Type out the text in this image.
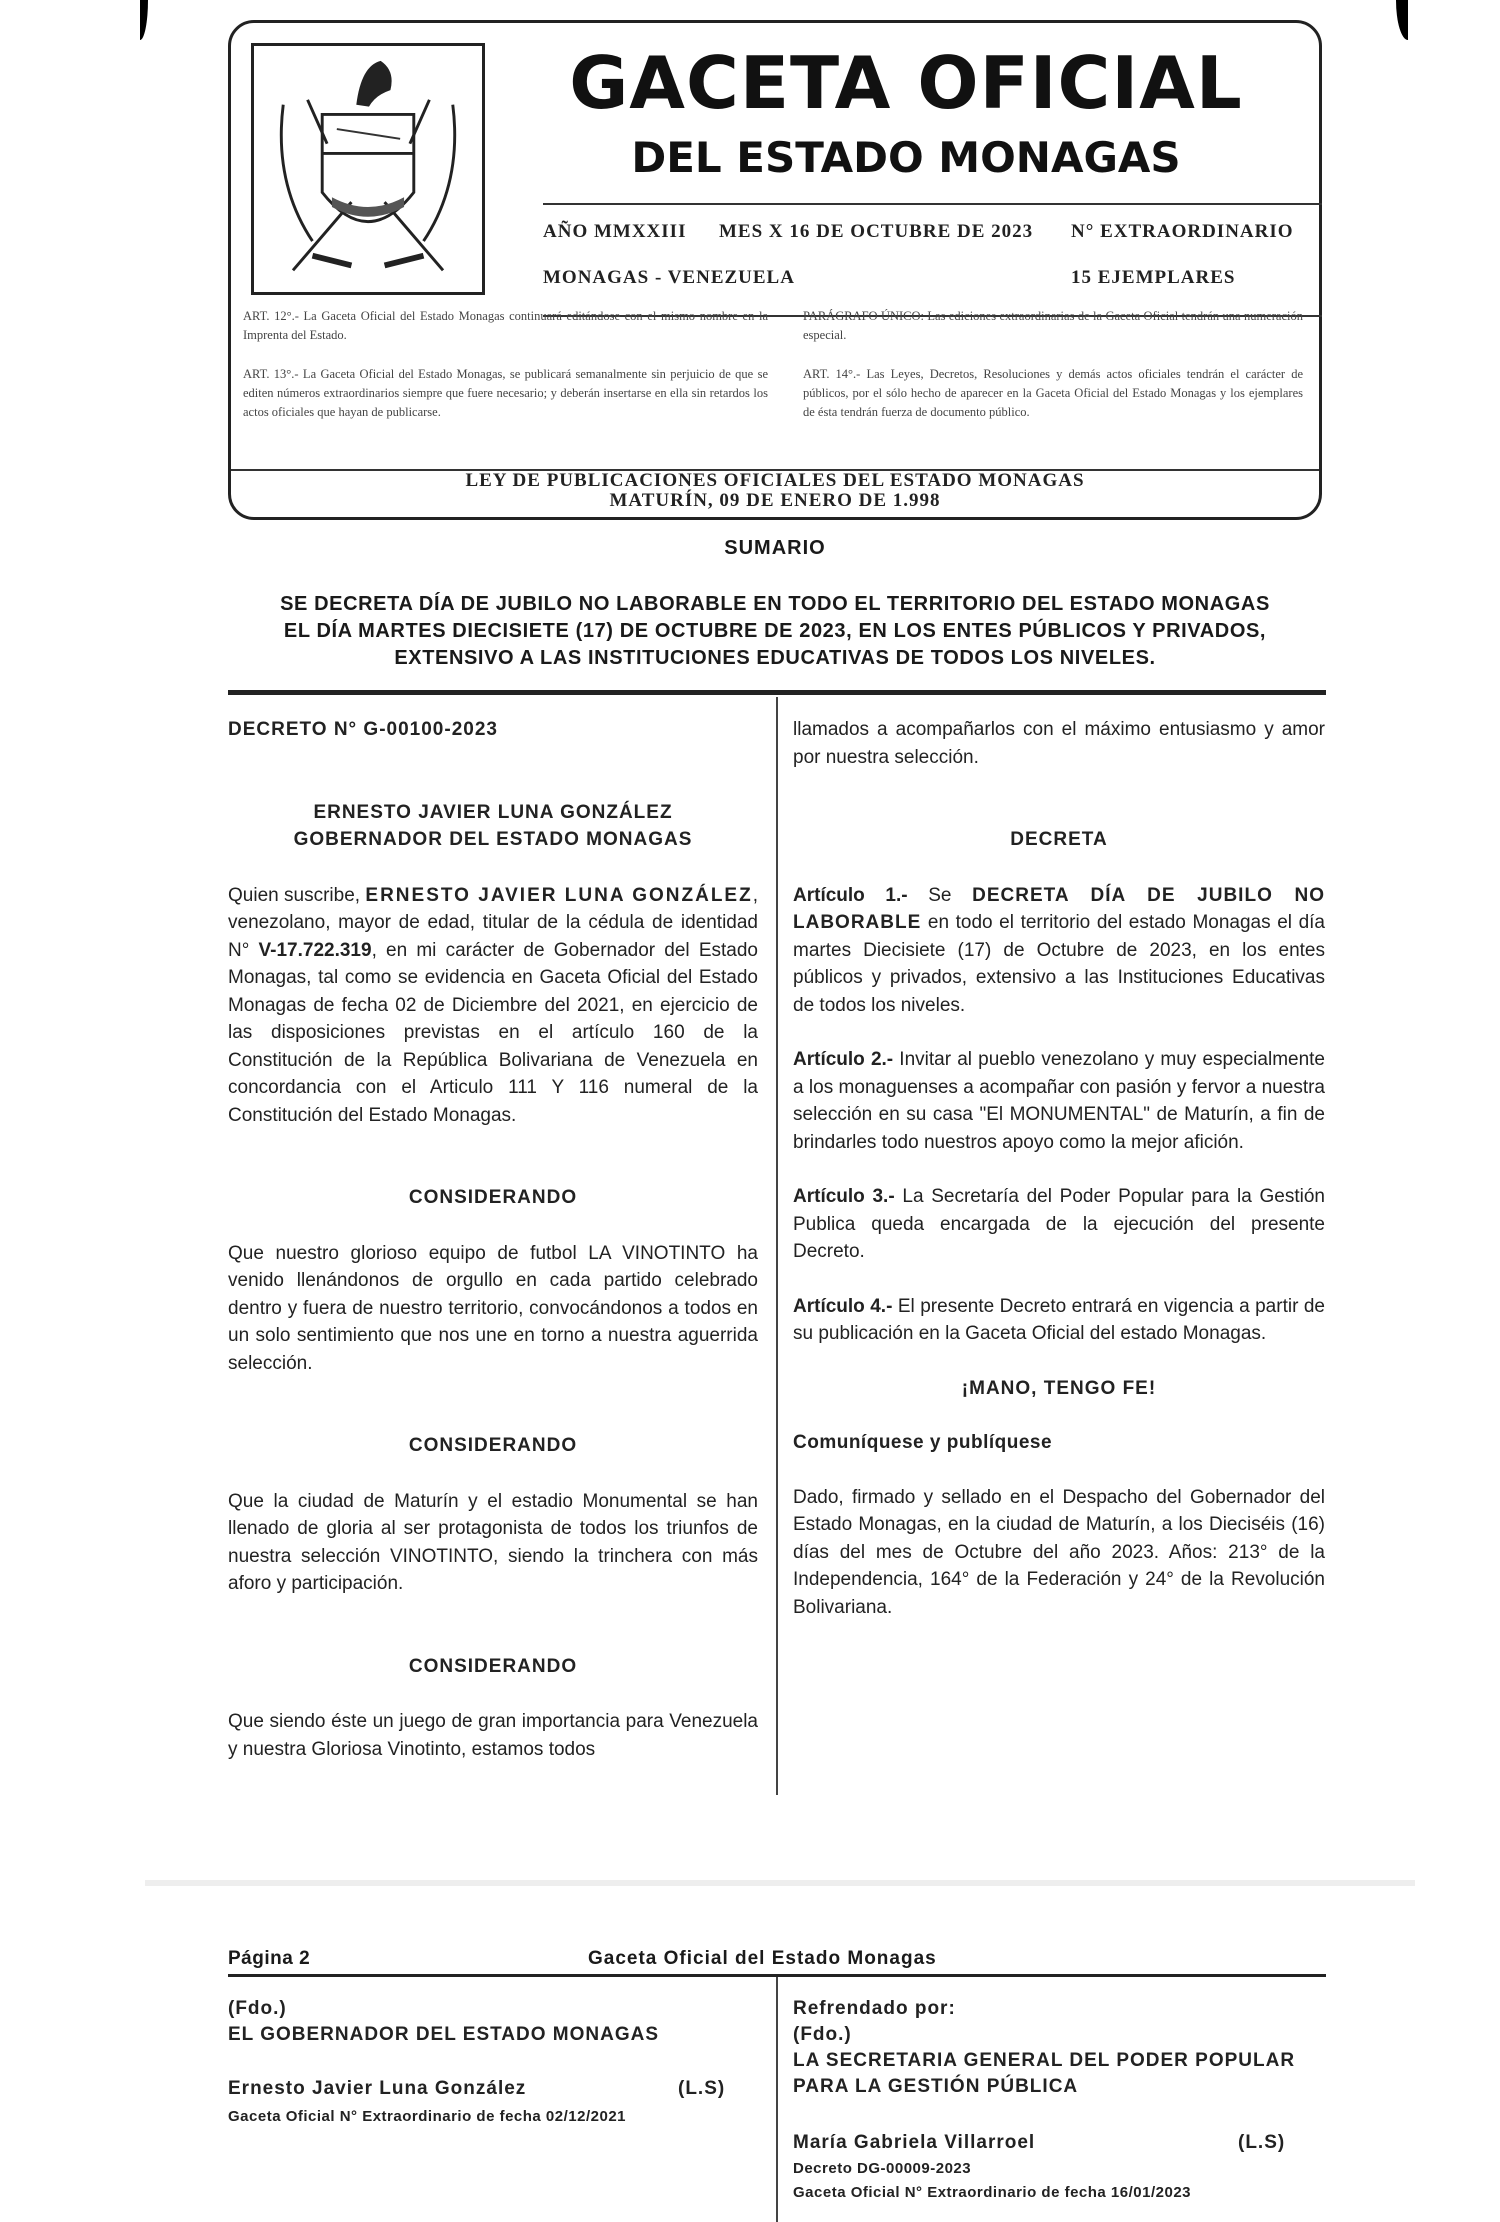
GACETA OFICIAL
DEL ESTADO MONAGAS
AÑO MMXXIII MES X 16 DE OCTUBRE DE 2023 N° EXTRAORDINARIO
MONAGAS - VENEZUELA	15 EJEMPLARES
ART. 12°.- La Gaceta Oficial del Estado Monagas continuará editándose con el mismo nombre en la Imprenta del Estado.
ART. 13°.- La Gaceta Oficial del Estado Monagas, se publicará semanalmente sin perjuicio de que se editen números extraordinarios siempre que fuere necesario; y deberán insertarse en ella sin retardos los actos oficiales que hayan de publicarse.
PARÁGRAFO ÚNICO: Las ediciones extraordinarias de la Gaceta Oficial tendrán una numeración especial.
ART. 14°.- Las Leyes, Decretos, Resoluciones y demás actos oficiales tendrán el carácter de públicos, por el sólo hecho de aparecer en la Gaceta Oficial del Estado Monagas y los ejemplares de ésta tendrán fuerza de documento público.
LEY DE PUBLICACIONES OFICIALES DEL ESTADO MONAGAS
MATURÍN, 09 DE ENERO DE 1.998
SUMARIO
SE DECRETA DÍA DE JUBILO NO LABORABLE EN TODO EL TERRITORIO DEL ESTADO MONAGAS
EL DÍA MARTES DIECISIETE (17) DE OCTUBRE DE 2023, EN LOS ENTES PÚBLICOS Y PRIVADOS,
EXTENSIVO A LAS INSTITUCIONES EDUCATIVAS DE TODOS LOS NIVELES.

DECRETO N° G-00100-2023

ERNESTO JAVIER LUNA GONZÁLEZ

GOBERNADOR DEL ESTADO MONAGAS

Quien suscribe, ERNESTO JAVIER LUNA GONZÁLEZ, venezolano, mayor de edad, titular de la cédula de identidad N° V-17.722.319, en mi carácter de Gobernador del Estado Monagas, tal como se evidencia en Gaceta Oficial del Estado Monagas de fecha 02 de Diciembre del 2021, en ejercicio de las disposiciones previstas en el artículo 160 de la Constitución de la República Bolivariana de Venezuela en concordancia con el Articulo 111 Y 116 numeral de la Constitución del Estado Monagas.

CONSIDERANDO

Que nuestro glorioso equipo de futbol LA VINOTINTO ha venido llenándonos de orgullo en cada partido celebrado dentro y fuera de nuestro territorio, convocándonos a todos en un solo sentimiento que nos une en torno a nuestra aguerrida selección.

CONSIDERANDO

Que la ciudad de Maturín y el estadio Monumental se han llenado de gloria al ser protagonista de todos los triunfos de nuestra selección VINOTINTO, siendo la trinchera con más aforo y participación.

CONSIDERANDO

Que siendo éste un juego de gran importancia para Venezuela y nuestra Gloriosa Vinotinto, estamos todos

llamados a acompañarlos con el máximo entusiasmo y amor por nuestra selección.

DECRETA

Artículo 1.- Se DECRETA DÍA DE JUBILO NO LABORABLE en todo el territorio del estado Monagas el día martes Diecisiete (17) de Octubre de 2023, en los entes públicos y privados, extensivo a las Instituciones Educativas de todos los niveles.

Artículo 2.- Invitar al pueblo venezolano y muy especialmente a los monaguenses a acompañar con pasión y fervor a nuestra selección en su casa "El MONUMENTAL" de Maturín, a fin de brindarles todo nuestros apoyo como la mejor afición.

Artículo 3.- La Secretaría del Poder Popular para la Gestión Publica queda encargada de la ejecución del presente Decreto.

Artículo 4.- El presente Decreto entrará en vigencia a partir de su publicación en la Gaceta Oficial del estado Monagas.

¡MANO, TENGO FE!

Comuníquese y publíquese

Dado, firmado y sellado en el Despacho del Gobernador del Estado Monagas, en la ciudad de Maturín, a los Dieciséis (16) días del mes de Octubre del año 2023. Años: 213° de la Independencia, 164° de la Federación y 24° de la Revolución Bolivariana.

Página 2	Gaceta Oficial del Estado Monagas
(Fdo.)
EL GOBERNADOR DEL ESTADO MONAGAS
Ernesto Javier Luna González	(L.S)
Gaceta Oficial N° Extraordinario de fecha 02/12/2021
Refrendado por:
(Fdo.)
LA SECRETARIA GENERAL DEL PODER POPULAR
PARA LA GESTIÓN PÚBLICA
María Gabriela Villarroel	(L.S)
Decreto DG-00009-2023
Gaceta Oficial N° Extraordinario de fecha 16/01/2023
